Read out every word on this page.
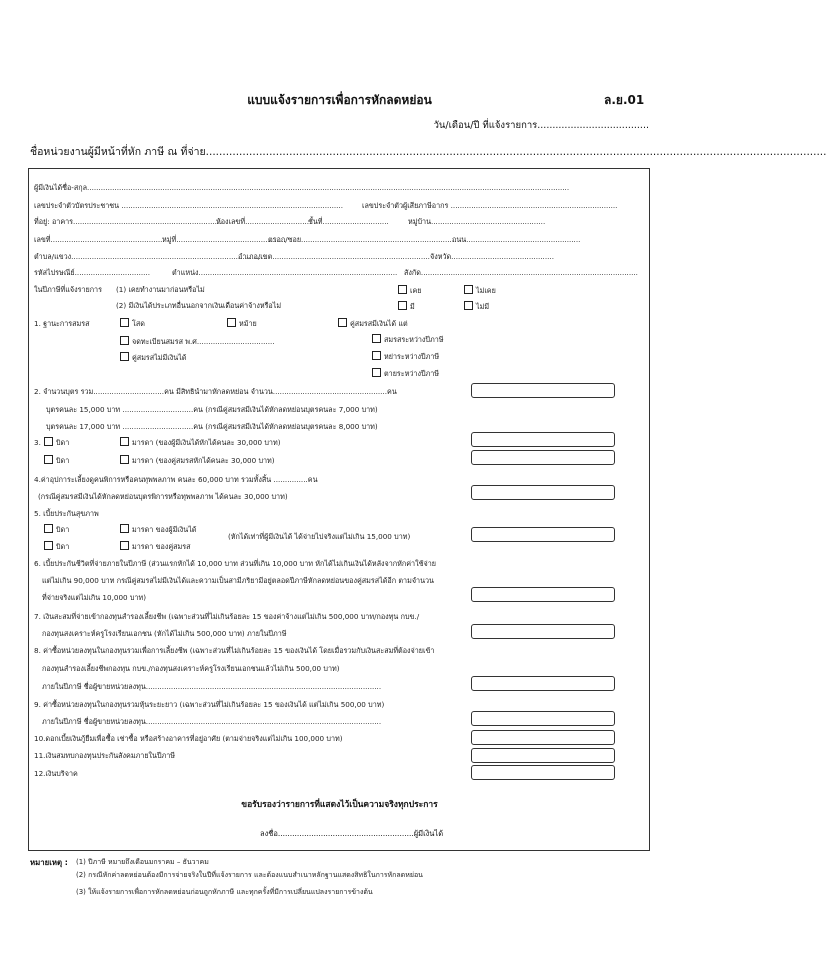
แบบแจ้งรายการเพื่อการหักลดหย่อน	ล.ย.01
วัน/เดือน/ปี ที่แจ้งรายการ.....................................
ชื่อหน่วยงานผู้มีหน้าที่หัก ภาษี ณ ที่จ่าย..........................................................................................................................................................................................
ผู้มีเงินได้ชื่อ-สกุล...................................................................................................................................................................................................................
เลขประจำตัวบัตรประชาชน .................................................................................................	เลขประจำตัวผู้เสียภาษีอากร .........................................................................
ที่อยู่: อาคาร.................................................................
ห้องเลขที่.............................
ชั้นที่.............................	หมู่บ้าน..................................................
เลขที่..................................................
หมู่ที่................................................
ตรอก/ซอย....................................................................
ถนน..................................................
ตำบล/แขวง.....................................................................................
อำเภอ/เขต..................................................................... จังหวัด.............................................
รหัสไปรษณีย์.................................	ตำแหน่ง....................................................................................... สังกัด...............................................................................................
ในปีภาษีที่แจ้งรายการ (1) เคยทำงานมาก่อนหรือไม่	เคย	ไม่เคย
(2) มีเงินได้ประเภทอื่นนอกจากเงินเดือนค่าจ้างหรือไม่	มี	ไม่มี
1. ฐานะการสมรส	โสด	หม้าย	คู่สมรสมีเงินได้ แต่
จดทะเบียนสมรส พ.ศ..................................	สมรสระหว่างปีภาษี
คู่สมรสไม่มีเงินได้	หย่าระหว่างปีภาษี
ตายระหว่างปีภาษี
2. จำนวนบุตร รวม...............................คน มีสิทธินำมาหักลดหย่อน จำนวน..................................................คน
บุตรคนละ 15,000 บาท ...............................คน (กรณีคู่สมรสมีเงินได้หักลดหย่อนบุตรคนละ 7,000 บาท)
บุตรคนละ 17,000 บาท ...............................คน (กรณีคู่สมรสมีเงินได้หักลดหย่อนบุตรคนละ 8,000 บาท)
3.	บิดา	มารดา (ของผู้มีเงินได้หักได้คนละ 30,000 บาท)
บิดา	มารดา (ของคู่สมรสหักได้คนละ 30,000 บาท)
4.ค่าอุปการะเลี้ยงดูคนพิการหรือคนทุพพลภาพ คนละ 60,000 บาท รวมทั้งสิ้น ...............คน
(กรณีคู่สมรสมีเงินได้หักลดหย่อนบุตรพิการหรือทุพพลภาพ ได้คนละ 30,000 บาท)
5. เบี้ยประกันสุขภาพ
บิดา	มารดา ของผู้มีเงินได้
(หักได้เท่าที่ผู้มีเงินได้ ได้จ่ายไปจริงแต่ไม่เกิน 15,000 บาท)
บิดา	มารดา ของคู่สมรส
6. เบี้ยประกันชีวิตที่จ่ายภายในปีภาษี (ส่วนแรกหักได้ 10,000 บาท ส่วนที่เกิน 10,000 บาท หักได้ไม่เกินเงินได้หลังจากหักค่าใช้จ่าย
แต่ไม่เกิน 90,000 บาท กรณีคู่สมรสไม่มีเงินได้และความเป็นสามีภริยามีอยู่ตลอดปีภาษีหักลดหย่อนของคู่สมรสได้อีก ตามจำนวน
ที่จ่ายจริงแต่ไม่เกิน 10,000 บาท)
7. เงินสะสมที่จ่ายเข้ากองทุนสำรองเลี้ยงชีพ (เฉพาะส่วนที่ไม่เกินร้อยละ 15 ของค่าจ้างแต่ไม่เกิน 500,000 บาท/กองทุน กบข./
กองทุนสงเคราะห์ครูโรงเรียนเอกชน (หักได้ไม่เกิน 500,000 บาท) ภายในปีภาษี
8. ค่าซื้อหน่วยลงทุนในกองทุนรวมเพื่อการเลี้ยงชีพ (เฉพาะส่วนที่ไม่เกินร้อยละ 15 ของเงินได้ โดยเมื่อรวมกับเงินสะสมที่ต้องจ่ายเข้า
กองทุนสำรองเลี้ยงชีพกองทุน กบข./กองทุนสงเคราะห์ครูโรงเรียนเอกชนแล้วไม่เกิน 500,00 บาท)
ภายในปีภาษี ชื่อผู้ขายหน่วยลงทุน.......................................................................................................
9. ค่าซื้อหน่วยลงทุนในกองทุนรวมหุ้นระยะยาว (เฉพาะส่วนที่ไม่เกินร้อยละ 15 ของเงินได้ แต่ไม่เกิน 500,00 บาท)
ภายในปีภาษี ชื่อผู้ขายหน่วยลงทุน.......................................................................................................
10.ดอกเบี้ยเงินกู้ยืมเพื่อซื้อ เช่าซื้อ หรือสร้างอาคารที่อยู่อาศัย (ตามจ่ายจริงแต่ไม่เกิน 100,000 บาท)
11.เงินสมทบกองทุนประกันสังคมภายในปีภาษี
12.เงินบริจาค
ขอรับรองว่ารายการที่แสดงไว้เป็นความจริงทุกประการ
ลงชื่อ.........................................................ผู้มีเงินได้
หมายเหตุ : (1) ปีภาษี หมายถึงเดือนมกราคม – ธันวาคม
(2) กรณีหักค่าลดหย่อนต้องมีการจ่ายจริงในปีที่แจ้งรายการ และต้องแนบสำเนาหลักฐานแสดงสิทธิในการหักลดหย่อน
(3) ให้แจ้งรายการเพื่อการหักลดหย่อนก่อนถูกหักภาษี และทุกครั้งที่มีการเปลี่ยนแปลงรายการข้างต้น
